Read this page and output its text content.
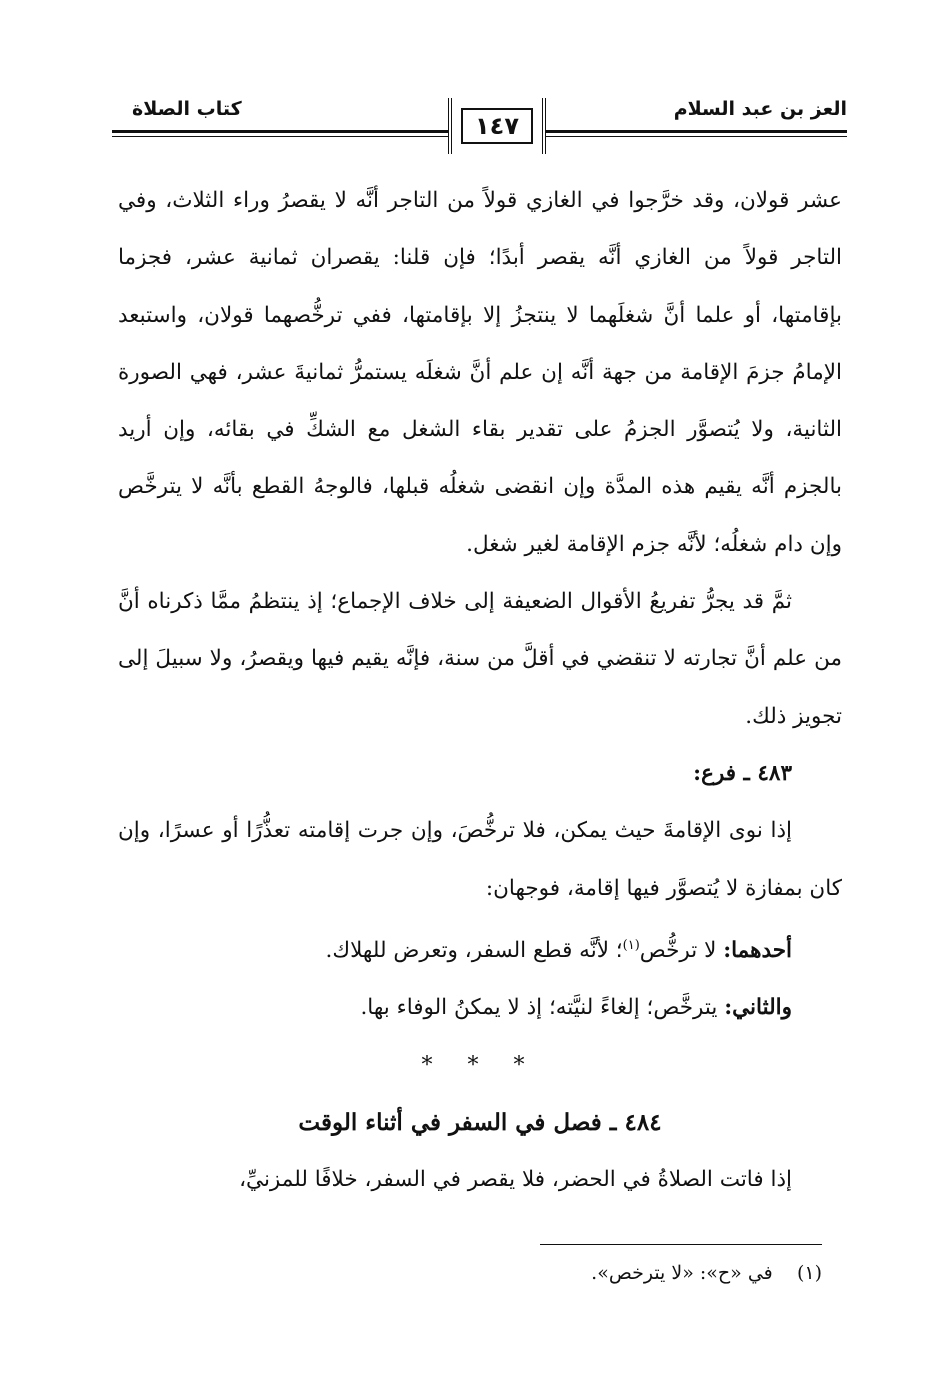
العز بن عبد السلام
كتاب الصلاة
١٤٧

عشر قولان، وقد خرَّجوا في الغازي قولاً من التاجر أنَّه لا يقصرُ وراء الثلاث، وفي التاجر قولاً من الغازي أنَّه يقصر أبدًا؛ فإن قلنا: يقصران ثمانية عشر، فجزما بإقامتها، أو علما أنَّ شغلَهما لا ينتجزُ إلا بإقامتها، ففي ترخُّصهما قولان، واستبعد الإمامُ جزمَ الإقامة من جهة أنَّه إن علم أنَّ شغلَه يستمرُّ ثمانيةَ عشر، فهي الصورة الثانية، ولا يُتصوَّر الجزمُ على تقدير بقاء الشغل مع الشكِّ في بقائه، وإن أريد بالجزم أنَّه يقيم هذه المدَّة وإن انقضى شغلُه قبلها، فالوجهُ القطع بأنَّه لا يترخَّص وإن دام شغلُه؛ لأنَّه جزم الإقامة لغير شغل.

ثمَّ قد يجرُّ تفريعُ الأقوال الضعيفة إلى خلاف الإجماع؛ إذ ينتظمُ ممَّا ذكرناه أنَّ من علم أنَّ تجارته لا تنقضي في أقلَّ من سنة، فإنَّه يقيم فيها ويقصرُ، ولا سبيلَ إلى تجويز ذلك.

٤٨٣ ـ فرع:

إذا نوى الإقامةَ حيث يمكن، فلا ترخُّصَ، وإن جرت إقامته تعذُّرًا أو عسرًا، وإن كان بمفازة لا يُتصوَّر فيها إقامة، فوجهان:

أحدهما: لا ترخُّص$^{(١)}$؛ لأنَّه قطع السفر، وتعرض للهلاك.

والثاني: يترخَّص؛ إلغاءً لنيَّته؛ إذ لا يمكنُ الوفاء بها.

* * *

٤٨٤ ـ فصل في السفر في أثناء الوقت

إذا فاتت الصلاةُ في الحضر، فلا يقصر في السفر، خلافًا للمزنيِّ،

(١)    في «ح»: «لا يترخص».
